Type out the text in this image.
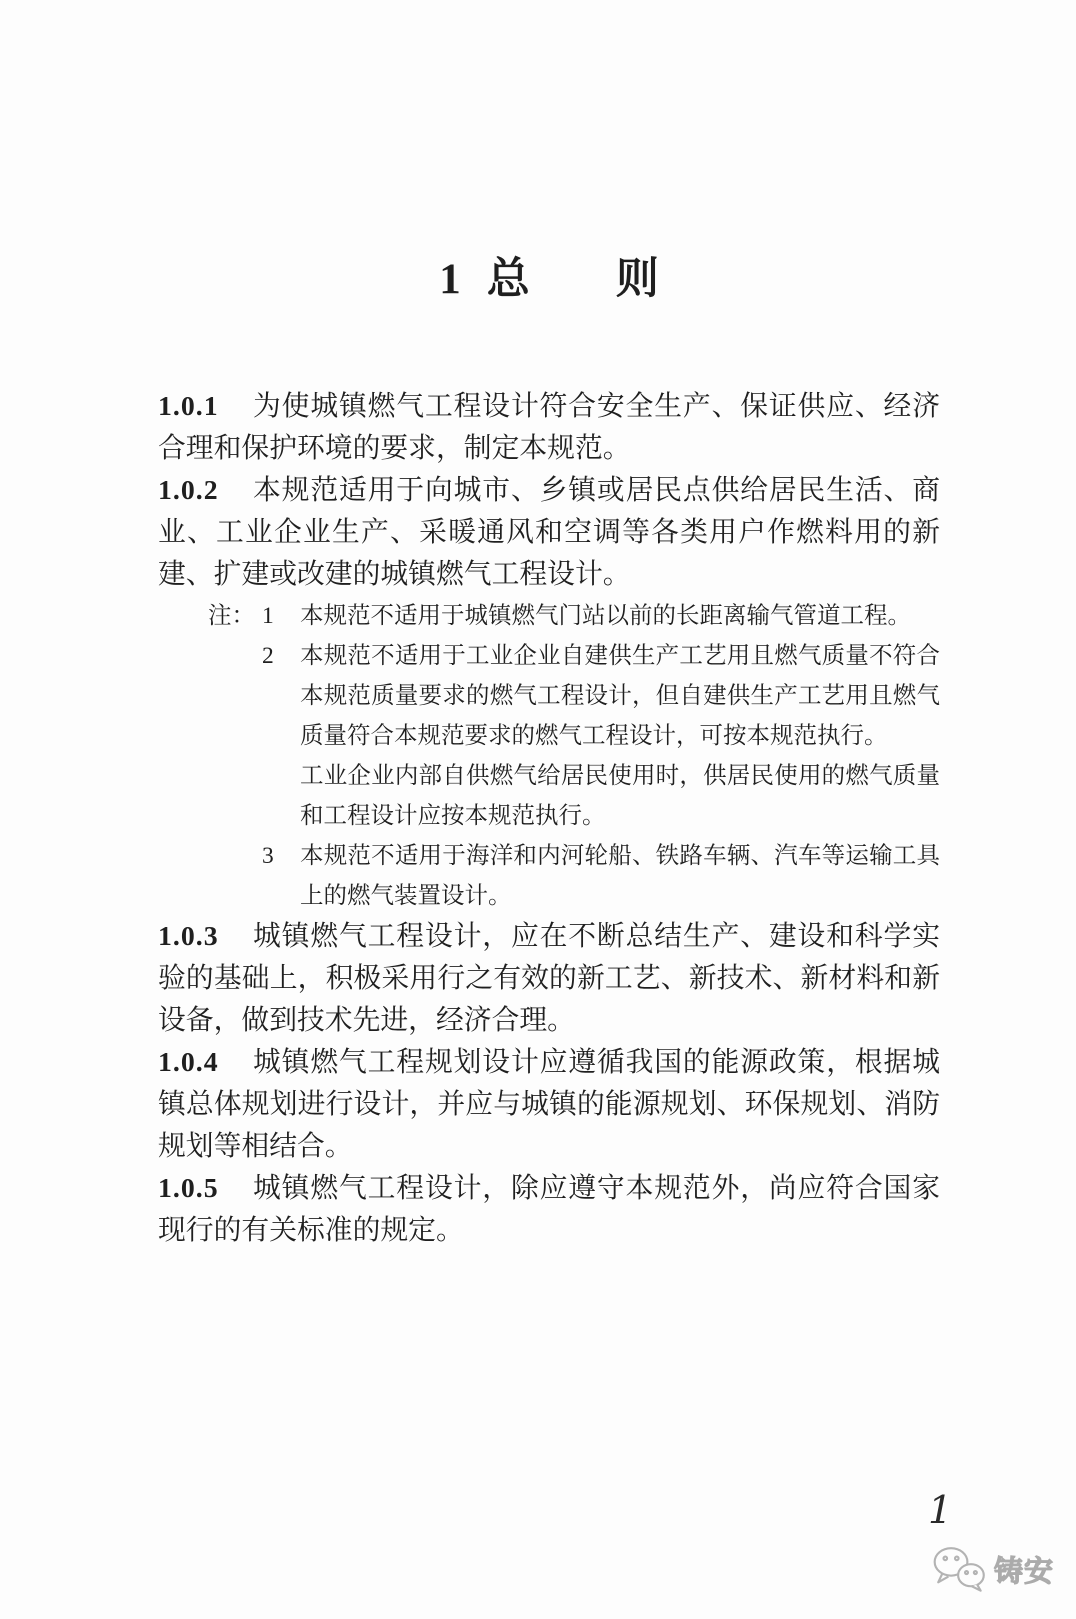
1 总 则
1.0.1	为使城镇燃气工程设计符合安全生产、保证供应、经济
合理和保护环境的要求，制定本规范。
1.0.2	本规范适用于向城市、乡镇或居民点供给居民生活、商
业、工业企业生产、采暖通风和空调等各类用户作燃料用的新
建、扩建或改建的城镇燃气工程设计。
注： 1	本规范不适用于城镇燃气门站以前的长距离输气管道工程。
2	本规范不适用于工业企业自建供生产工艺用且燃气质量不符合
本规范质量要求的燃气工程设计，但自建供生产工艺用且燃气
质量符合本规范要求的燃气工程设计，可按本规范执行。
工业企业内部自供燃气给居民使用时，供居民使用的燃气质量
和工程设计应按本规范执行。
3	本规范不适用于海洋和内河轮船、铁路车辆、汽车等运输工具
上的燃气装置设计。
1.0.3	城镇燃气工程设计，应在不断总结生产、建设和科学实
验的基础上，积极采用行之有效的新工艺、新技术、新材料和新
设备，做到技术先进，经济合理。
1.0.4	城镇燃气工程规划设计应遵循我国的能源政策，根据城
镇总体规划进行设计，并应与城镇的能源规划、环保规划、消防
规划等相结合。
1.0.5	城镇燃气工程设计，除应遵守本规范外，尚应符合国家
现行的有关标准的规定。
1
铸安
